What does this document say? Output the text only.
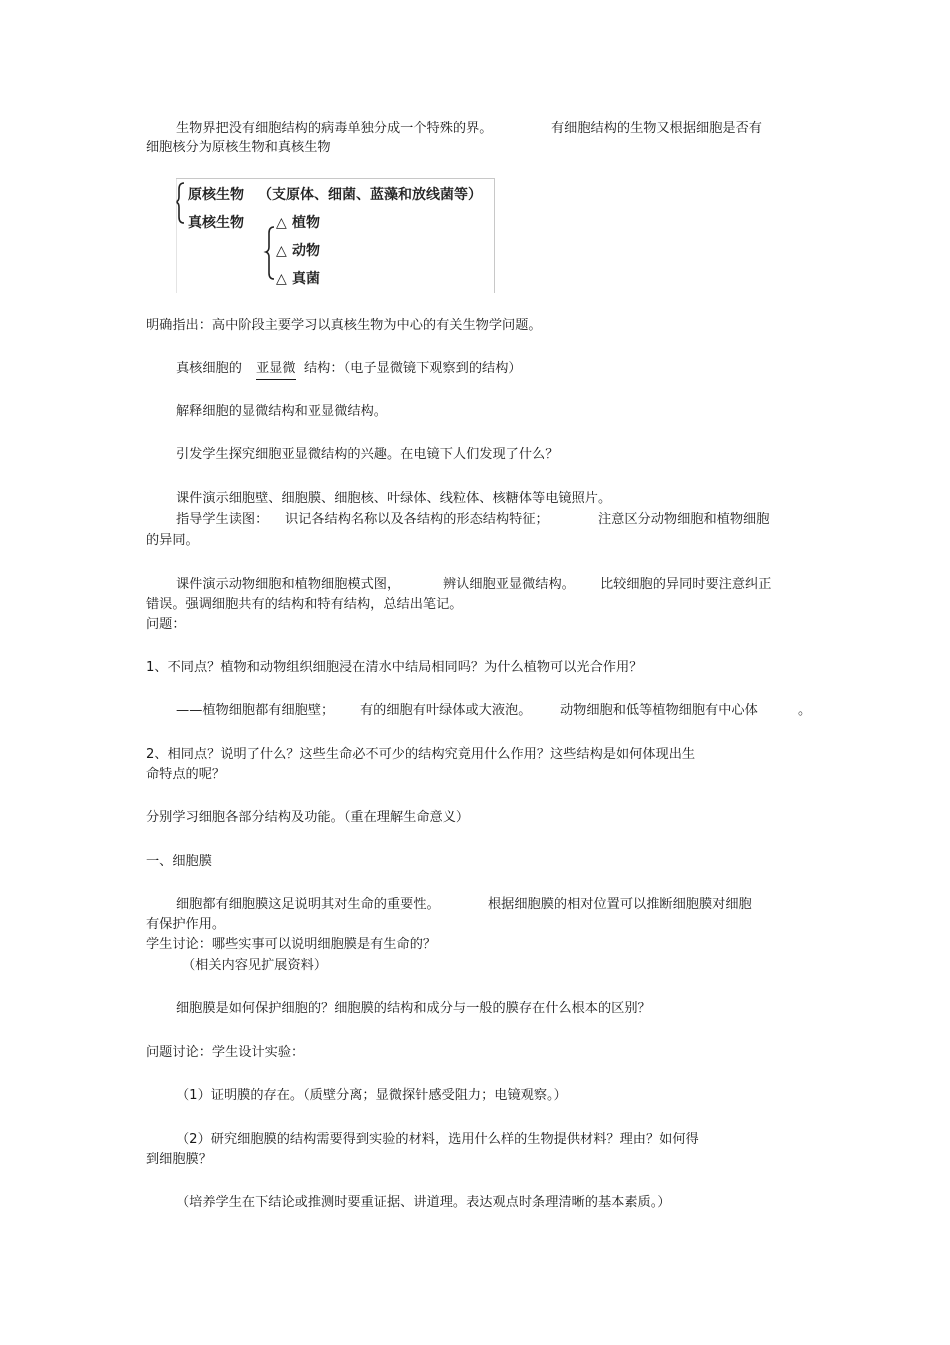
生物界把没有细胞结构的病毒单独分成一个特殊的界。	有细胞结构的生物又根据细胞是否有
细胞核分为原核生物和真核生物
原核生物 （支原体、细菌、蓝藻和放线菌等）
真核生物 △ 植物
△ 动物
△ 真菌
明确指出：高中阶段主要学习以真核生物为中心的有关生物学问题。
真核细胞的 亚显微 结构：（电子显微镜下观察到的结构）
解释细胞的显微结构和亚显微结构。
引发学生探究细胞亚显微结构的兴趣。在电镜下人们发现了什么？
课件演示细胞壁、细胞膜、细胞核、叶绿体、线粒体、核糖体等电镜照片。
指导学生读图： 识记各结构名称以及各结构的形态结构特征；	注意区分动物细胞和植物细胞
的异同。
课件演示动物细胞和植物细胞模式图，	辨认细胞亚显微结构。 比较细胞的异同时要注意纠正
错误。强调细胞共有的结构和特有结构，总结出笔记。
问题：
1、不同点？植物和动物组织细胞浸在清水中结局相同吗？为什么植物可以光合作用？
——植物细胞都有细胞壁； 有的细胞有叶绿体或大液泡。 动物细胞和低等植物细胞有中心体	。
2、相同点？说明了什么？这些生命必不可少的结构究竟用什么作用？这些结构是如何体现出生
命特点的呢？
分别学习细胞各部分结构及功能。（重在理解生命意义）
一、细胞膜
细胞都有细胞膜这足说明其对生命的重要性。	根据细胞膜的相对位置可以推断细胞膜对细胞
有保护作用。
学生讨论：哪些实事可以说明细胞膜是有生命的？
（相关内容见扩展资料）
细胞膜是如何保护细胞的？细胞膜的结构和成分与一般的膜存在什么根本的区别？
问题讨论：学生设计实验：
（1）证明膜的存在。（质壁分离；显微探针感受阻力；电镜观察。）
（2）研究细胞膜的结构需要得到实验的材料，选用什么样的生物提供材料？理由？如何得
到细胞膜？
（培养学生在下结论或推测时要重证据、讲道理。表达观点时条理清晰的基本素质。）
